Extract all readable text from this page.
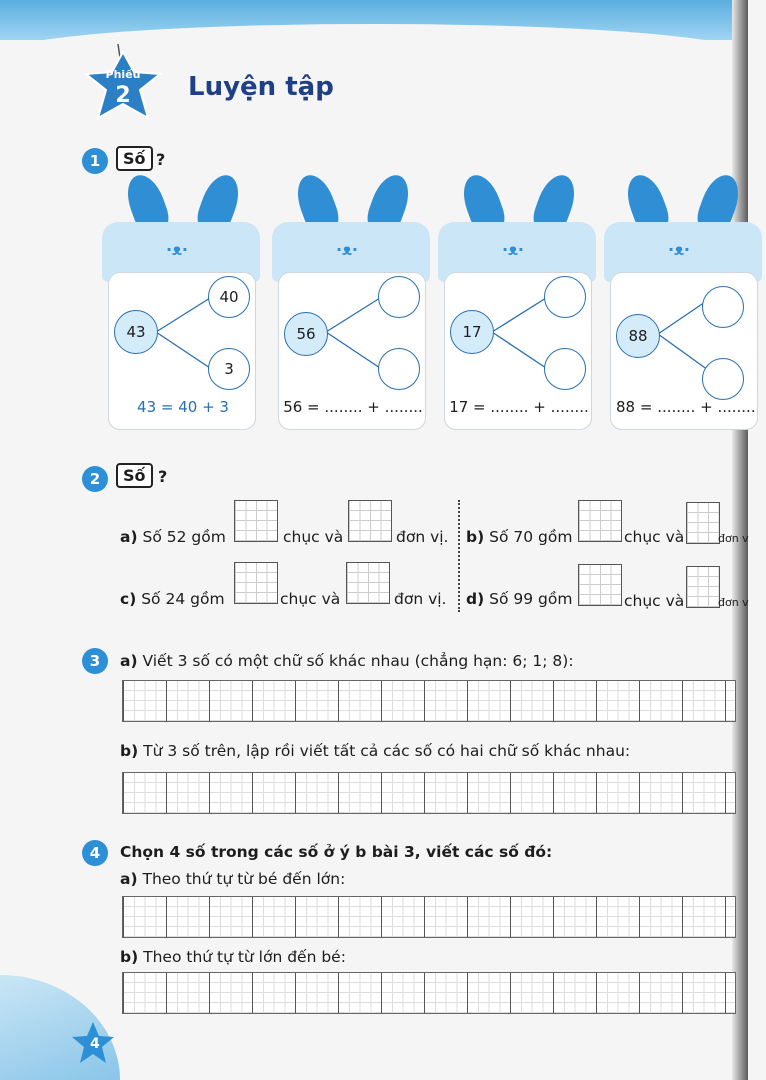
Phiếu
2 Luyện tập
1	Số ?
·ᴥ·
43
40
3
43 = 40 + 3
·ᴥ·
56
56 = ........ + ........
·ᴥ·
17
17 = ........ + ........
·ᴥ·
88
88 = ........ + ........
2	Số ?
a) Số 52 gồm	chục và	đơn vị. b) Số 70 gồm	chục và	đơn v
c) Số 24 gồm	chục và	đơn vị. d) Số 99 gồm	chục và	đơn v
3	a) Viết 3 số có một chữ số khác nhau (chẳng hạn: 6; 1; 8):
b) Từ 3 số trên, lập rồi viết tất cả các số có hai chữ số khác nhau:
4	Chọn 4 số trong các số ở ý b bài 3, viết các số đó:
a) Theo thứ tự từ bé đến lớn:
b) Theo thứ tự từ lớn đến bé:
4
